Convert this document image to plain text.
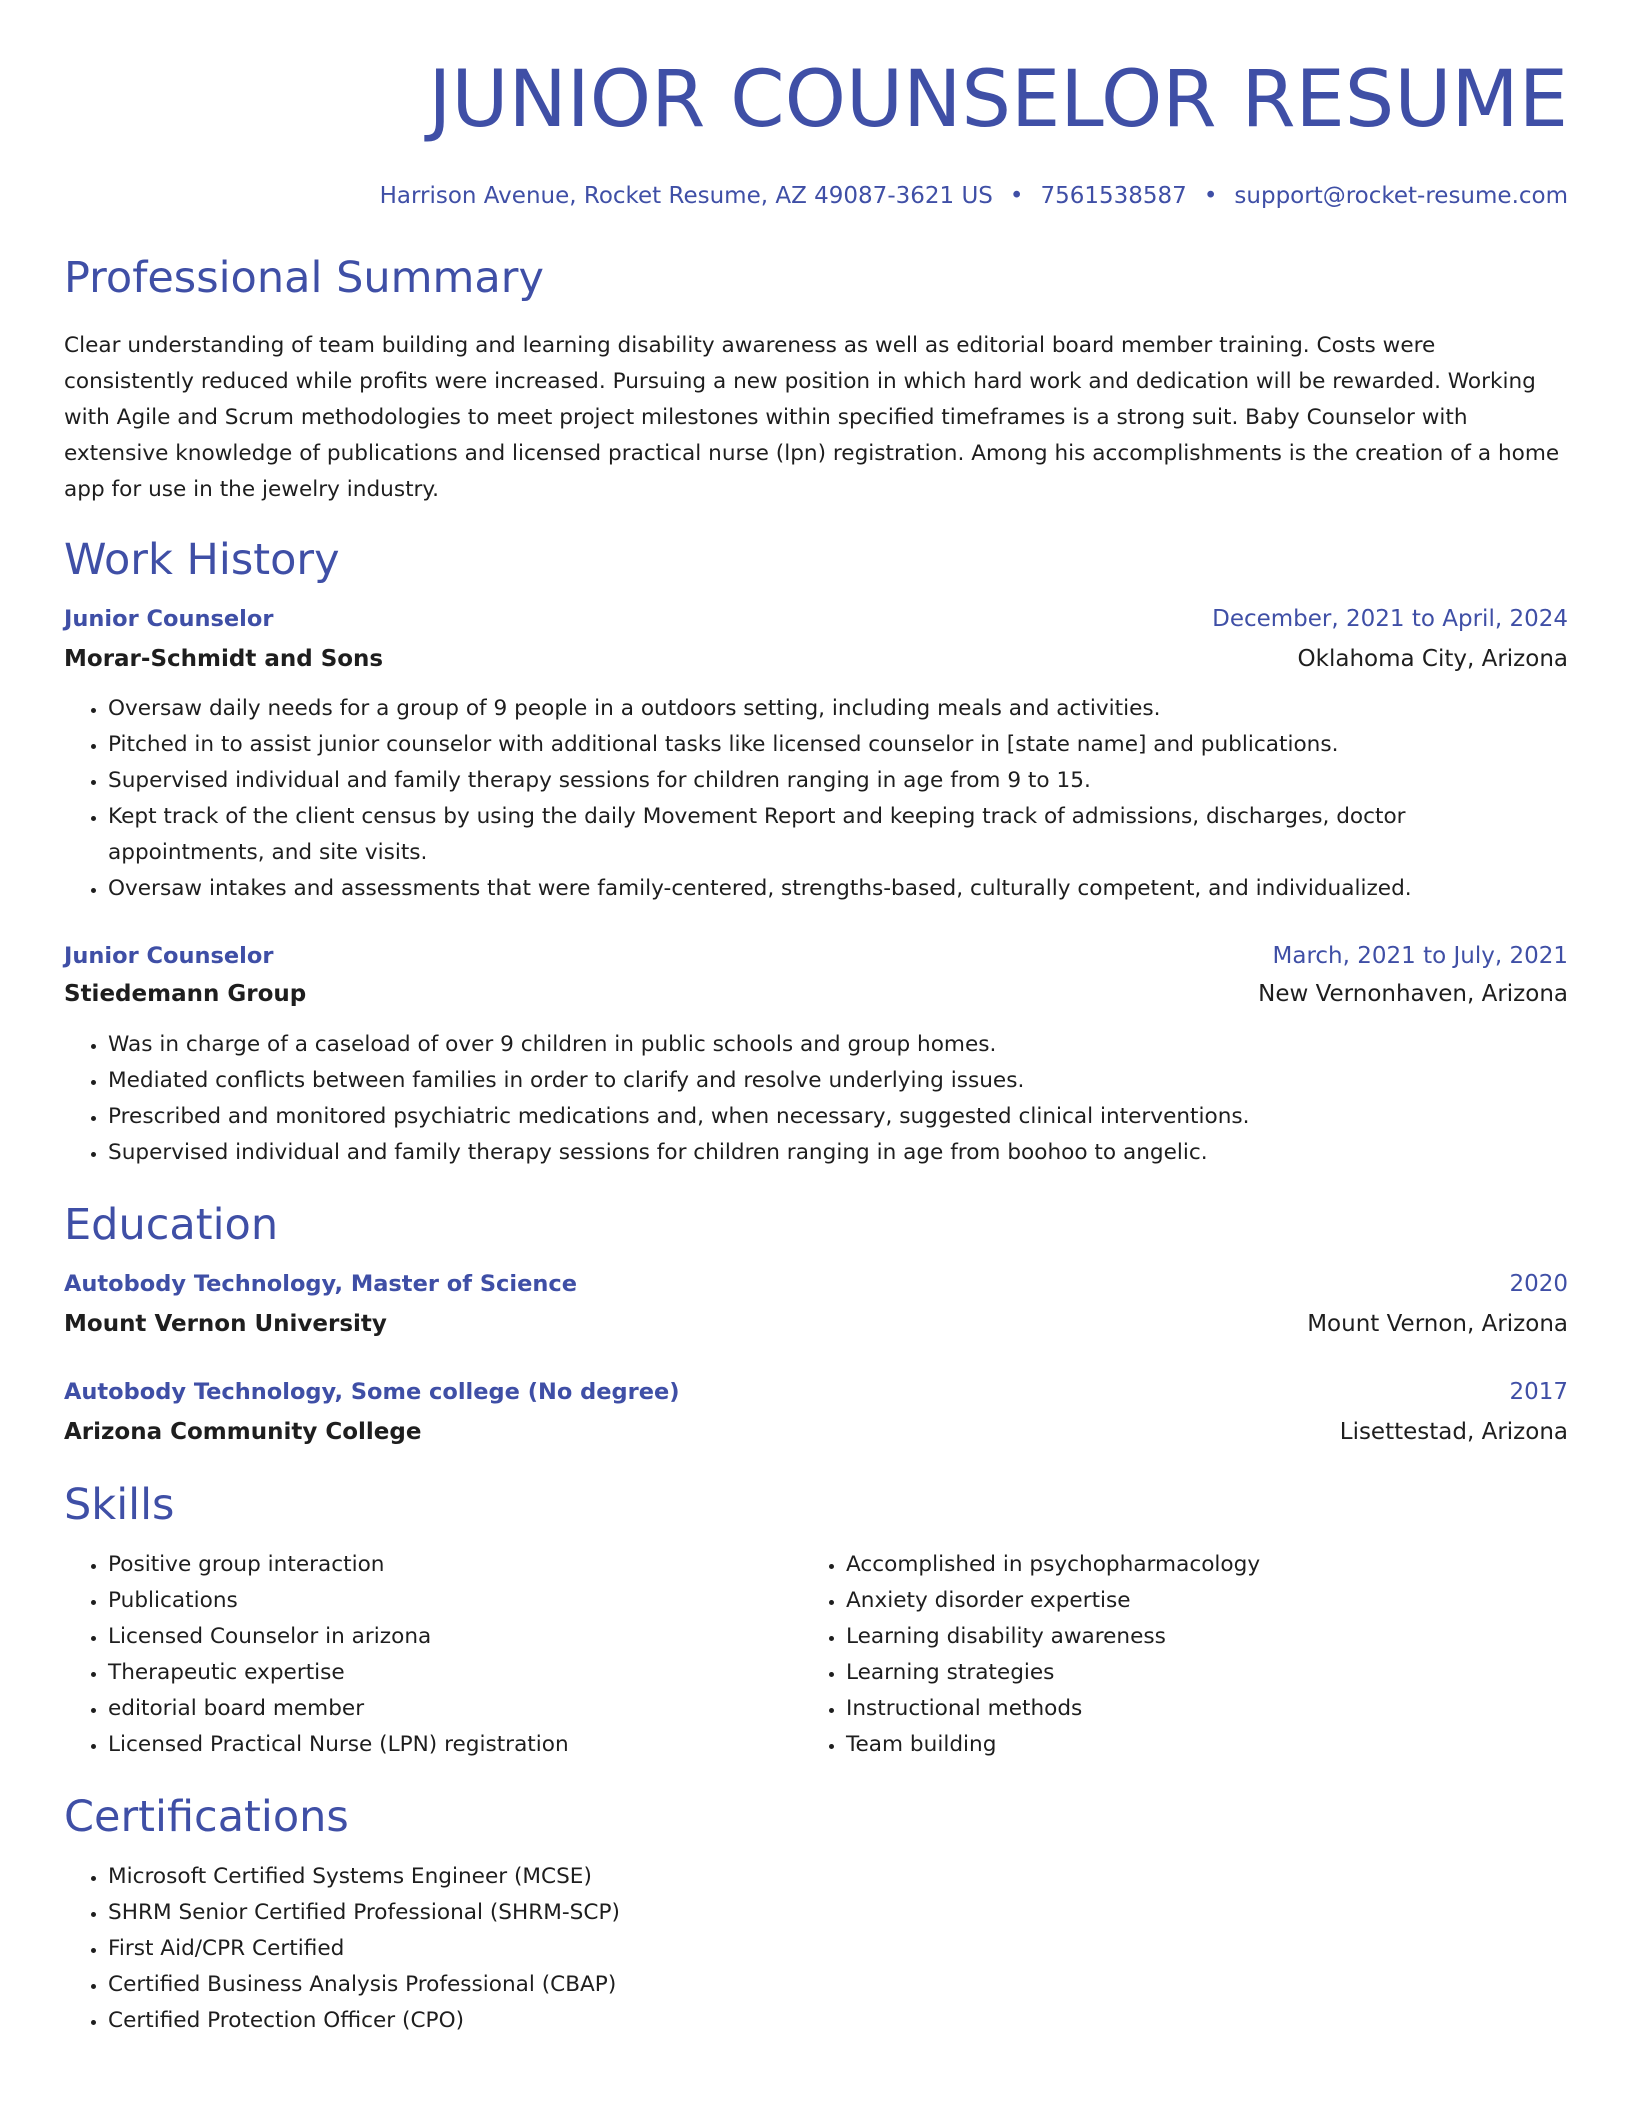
JUNIOR COUNSELOR RESUME
Harrison Avenue, Rocket Resume, AZ 49087-3621 US • 7561538587 • support@rocket-resume.com
Professional Summary

Clear understanding of team building and learning disability awareness as well as editorial board member training. Costs were consistently reduced while profits were increased. Pursuing a new position in which hard work and dedication will be rewarded. Working with Agile and Scrum methodologies to meet project milestones within specified timeframes is a strong suit. Baby Counselor with extensive knowledge of publications and licensed practical nurse (lpn) registration. Among his accomplishments is the creation of a home app for use in the jewelry industry.

Work History
Junior Counselor	December, 2021 to April, 2024
Morar-Schmidt and Sons	Oklahoma City, Arizona
• Oversaw daily needs for a group of 9 people in a outdoors setting, including meals and activities.
• Pitched in to assist junior counselor with additional tasks like licensed counselor in [state name] and publications.
• Supervised individual and family therapy sessions for children ranging in age from 9 to 15.
• Kept track of the client census by using the daily Movement Report and keeping track of admissions, discharges, doctor appointments, and site visits.
• Oversaw intakes and assessments that were family-centered, strengths-based, culturally competent, and individualized.
Junior Counselor	March, 2021 to July, 2021
Stiedemann Group	New Vernonhaven, Arizona
• Was in charge of a caseload of over 9 children in public schools and group homes.
• Mediated conflicts between families in order to clarify and resolve underlying issues.
• Prescribed and monitored psychiatric medications and, when necessary, suggested clinical interventions.
• Supervised individual and family therapy sessions for children ranging in age from boohoo to angelic.
Education
Autobody Technology, Master of Science	2020
Mount Vernon University	Mount Vernon, Arizona
Autobody Technology, Some college (No degree)	2017
Arizona Community College	Lisettestad, Arizona
Skills
• Positive group interaction
• Publications
• Licensed Counselor in arizona
• Therapeutic expertise
• editorial board member
• Licensed Practical Nurse (LPN) registration
• Accomplished in psychopharmacology
• Anxiety disorder expertise
• Learning disability awareness
• Learning strategies
• Instructional methods
• Team building
Certifications
• Microsoft Certified Systems Engineer (MCSE)
• SHRM Senior Certified Professional (SHRM-SCP)
• First Aid/CPR Certified
• Certified Business Analysis Professional (CBAP)
• Certified Protection Officer (CPO)
